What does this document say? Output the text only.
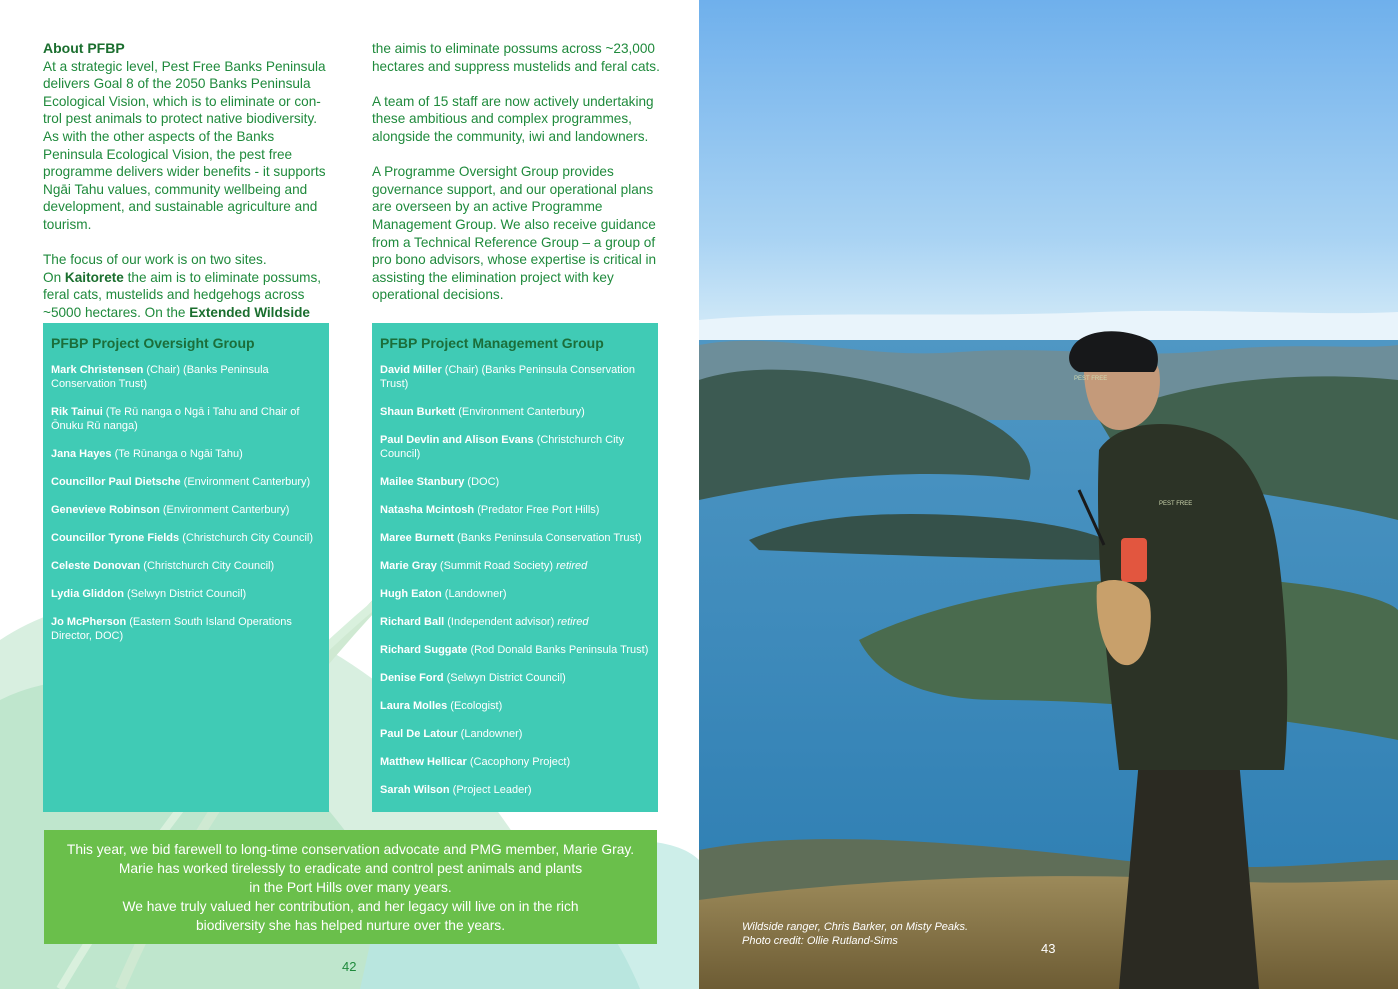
About PFBP

At a strategic level, Pest Free Banks Peninsula delivers Goal 8 of the 2050 Banks Peninsula Ecological Vision, which is to eliminate or con-trol pest animals to protect native biodiversity. As with the other aspects of the Banks Peninsula Ecological Vision, the pest free programme delivers wider benefits - it supports Ngāi Tahu values, community wellbeing and development, and sustainable agriculture and tourism.

The focus of our work is on two sites.
On Kaitorete the aim is to eliminate possums, feral cats, mustelids and hedgehogs across ~5000 hectares. On the Extended Wildside

the aimis to eliminate possums across ~23,000 hectares and suppress mustelids and feral cats.

A team of 15 staff are now actively undertaking these ambitious and complex programmes, alongside the community, iwi and landowners.

A Programme Oversight Group provides governance support, and our operational plans are overseen by an active Programme Management Group. We also receive guidance from a Technical Reference Group – a group of pro bono advisors, whose expertise is critical in assisting the elimination project with key operational decisions.

PFBP Project Oversight Group
Mark Christensen (Chair) (Banks Peninsula Conservation Trust)
Rik Tainui (Te Rū nanga o Ngā i Tahu and Chair of Ōnuku Rū nanga)
Jana Hayes (Te Rūnanga o Ngāi Tahu)
Councillor Paul Dietsche (Environment Canterbury)
Genevieve Robinson (Environment Canterbury)
Councillor Tyrone Fields (Christchurch City Council)
Celeste Donovan (Christchurch City Council)
Lydia Gliddon (Selwyn District Council)
Jo McPherson (Eastern South Island Operations Director, DOC)
PFBP Project Management Group
David Miller (Chair) (Banks Peninsula Conservation Trust)
Shaun Burkett (Environment Canterbury)
Paul Devlin and Alison Evans (Christchurch City Council)
Mailee Stanbury (DOC)
Natasha Mcintosh (Predator Free Port Hills)
Maree Burnett (Banks Peninsula Conservation Trust)
Marie Gray (Summit Road Society) retired
Hugh Eaton (Landowner)
Richard Ball (Independent advisor) retired
Richard Suggate (Rod Donald Banks Peninsula Trust)
Denise Ford (Selwyn District Council)
Laura Molles (Ecologist)
Paul De Latour (Landowner)
Matthew Hellicar (Cacophony Project)
Sarah Wilson (Project Leader)
This year, we bid farewell to long-time conservation advocate and PMG member, Marie Gray.
Marie has worked tirelessly to eradicate and control pest animals and plants
in the Port Hills over many years.
We have truly valued her contribution, and her legacy will live on in the rich
biodiversity she has helped nurture over the years.
42
PEST FREE
PEST FREE
Wildside ranger, Chris Barker, on Misty Peaks.
Photo credit: Ollie Rutland-Sims	43
